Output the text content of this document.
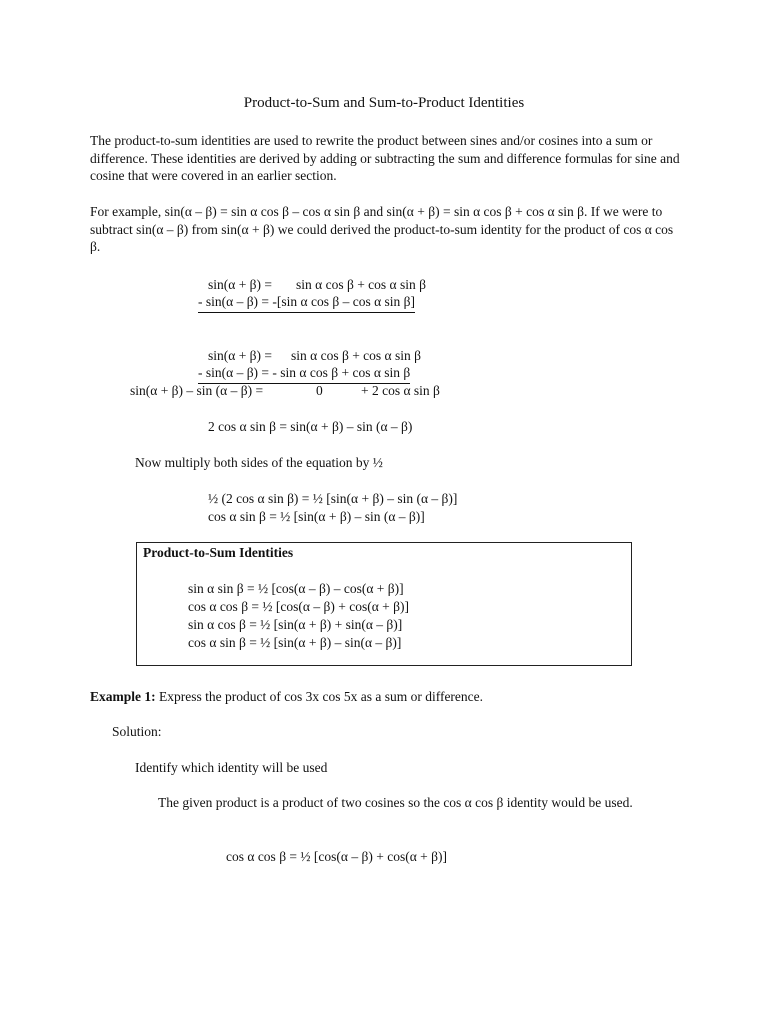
Product-to-Sum and Sum-to-Product Identities
The product-to-sum identities are used to rewrite the product between sines and/or cosines into a sum or difference. These identities are derived by adding or subtracting the sum and difference formulas for sine and cosine that were covered in an earlier section.
For example, sin(α – β) = sin α cos β – cos α sin β and sin(α + β) = sin α cos β + cos α sin β. If we were to subtract sin(α – β) from sin(α + β) we could derived the product-to-sum identity for the product of cos α cos β.
sin(α + β) = sin α cos β + cos α sin β
- sin(α – β) = -[sin α cos β – cos α sin β]
sin(α + β) = sin α cos β + cos α sin β
- sin(α – β) = - sin α cos β + cos α sin β
sin(α + β) – sin (α – β) =	0	+ 2 cos α sin β
2 cos α sin β = sin(α + β) – sin (α – β)
Now multiply both sides of the equation by ½
½ (2 cos α sin β) = ½ [sin(α + β) – sin (α – β)]
cos α sin β = ½ [sin(α + β) – sin (α – β)]
Product-to-Sum Identities
sin α sin β = ½ [cos(α – β) – cos(α + β)]
cos α cos β = ½ [cos(α – β) + cos(α + β)]
sin α cos β = ½ [sin(α + β) + sin(α – β)]
cos α sin β = ½ [sin(α + β) – sin(α – β)]
Example 1: Express the product of cos 3x cos 5x as a sum or difference.
Solution:
Identify which identity will be used
The given product is a product of two cosines so the cos α cos β identity would be used.
cos α cos β = ½ [cos(α – β) + cos(α + β)]
